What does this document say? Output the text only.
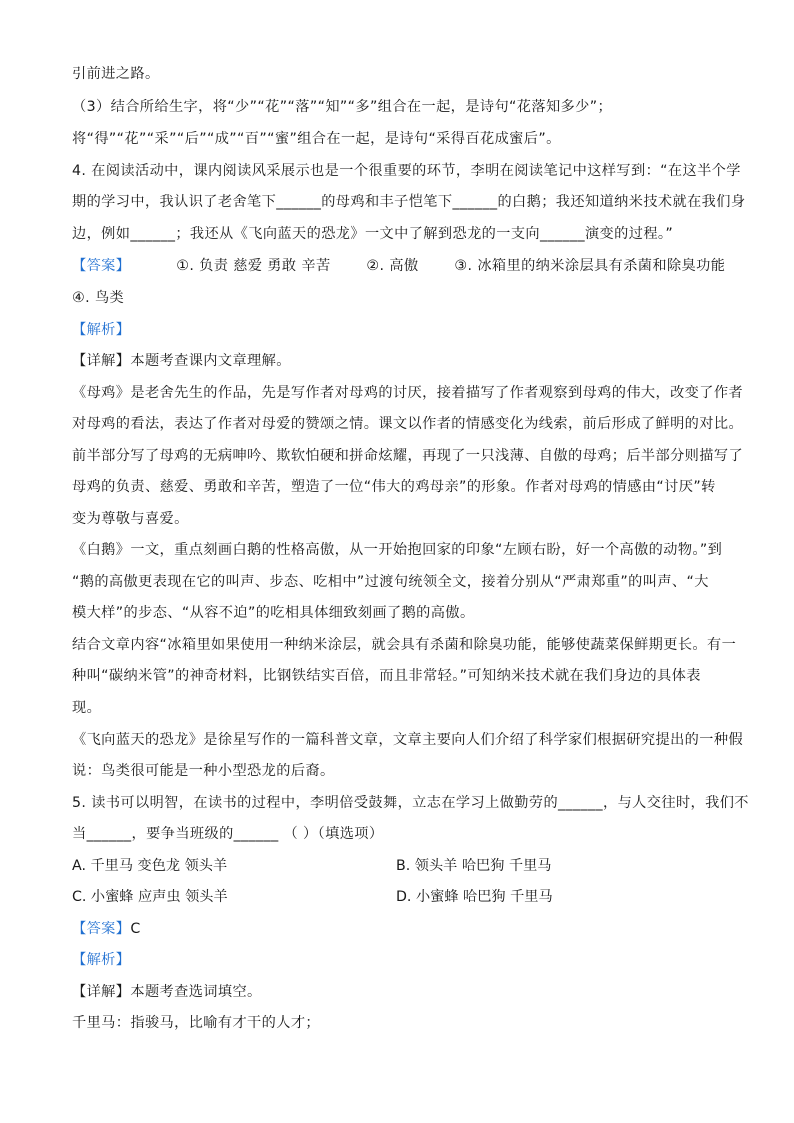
引前进之路。
（3）结合所给生字，将“少”“花”“落”“知”“多”组合在一起，是诗句“花落知多少”；
将“得”“花”“采”“后”“成”“百”“蜜”组合在一起，是诗句“采得百花成蜜后”。
4. 在阅读活动中，课内阅读风采展示也是一个很重要的环节，李明在阅读笔记中这样写到：“在这半个学
期的学习中，我认识了老舍笔下______的母鸡和丰子恺笔下______的白鹅；我还知道纳米技术就在我们身
边，例如______；我还从《飞向蓝天的恐龙》一文中了解到恐龙的一支向______演变的过程。”
【答案】	①. 负责 慈爱 勇敢 辛苦	②. 高傲	③. 冰箱里的纳米涂层具有杀菌和除臭功能
④. 鸟类
【解析】
【详解】本题考查课内文章理解。
《母鸡》是老舍先生的作品，先是写作者对母鸡的讨厌，接着描写了作者观察到母鸡的伟大，改变了作者
对母鸡的看法，表达了作者对母爱的赞颂之情。课文以作者的情感变化为线索，前后形成了鲜明的对比。
前半部分写了母鸡的无病呻吟、欺软怕硬和拼命炫耀，再现了一只浅薄、自傲的母鸡；后半部分则描写了
母鸡的负责、慈爱、勇敢和辛苦，塑造了一位“伟大的鸡母亲”的形象。作者对母鸡的情感由“讨厌”转
变为尊敬与喜爱。
《白鹅》一文，重点刻画白鹅的性格高傲，从一开始抱回家的印象“左顾右盼，好一个高傲的动物。”到
“鹅的高傲更表现在它的叫声、步态、吃相中”过渡句统领全文，接着分别从“严肃郑重”的叫声、“大
模大样”的步态、“从容不迫”的吃相具体细致刻画了鹅的高傲。
结合文章内容“冰箱里如果使用一种纳米涂层，就会具有杀菌和除臭功能，能够使蔬菜保鲜期更长。有一
种叫“碳纳米管”的神奇材料，比钢铁结实百倍，而且非常轻。”可知纳米技术就在我们身边的具体表
现。
《飞向蓝天的恐龙》是徐星写作的一篇科普文章，文章主要向人们介绍了科学家们根据研究提出的一种假
说：鸟类很可能是一种小型恐龙的后裔。
5. 读书可以明智，在读书的过程中，李明倍受鼓舞，立志在学习上做勤劳的______，与人交往时，我们不
当______，要争当班级的______ （ ）（填选项）
A. 千里马 变色龙 领头羊	B. 领头羊 哈巴狗 千里马
C. 小蜜蜂 应声虫 领头羊	D. 小蜜蜂 哈巴狗 千里马
【答案】C
【解析】
【详解】本题考查选词填空。
千里马：指骏马，比喻有才干的人才；
